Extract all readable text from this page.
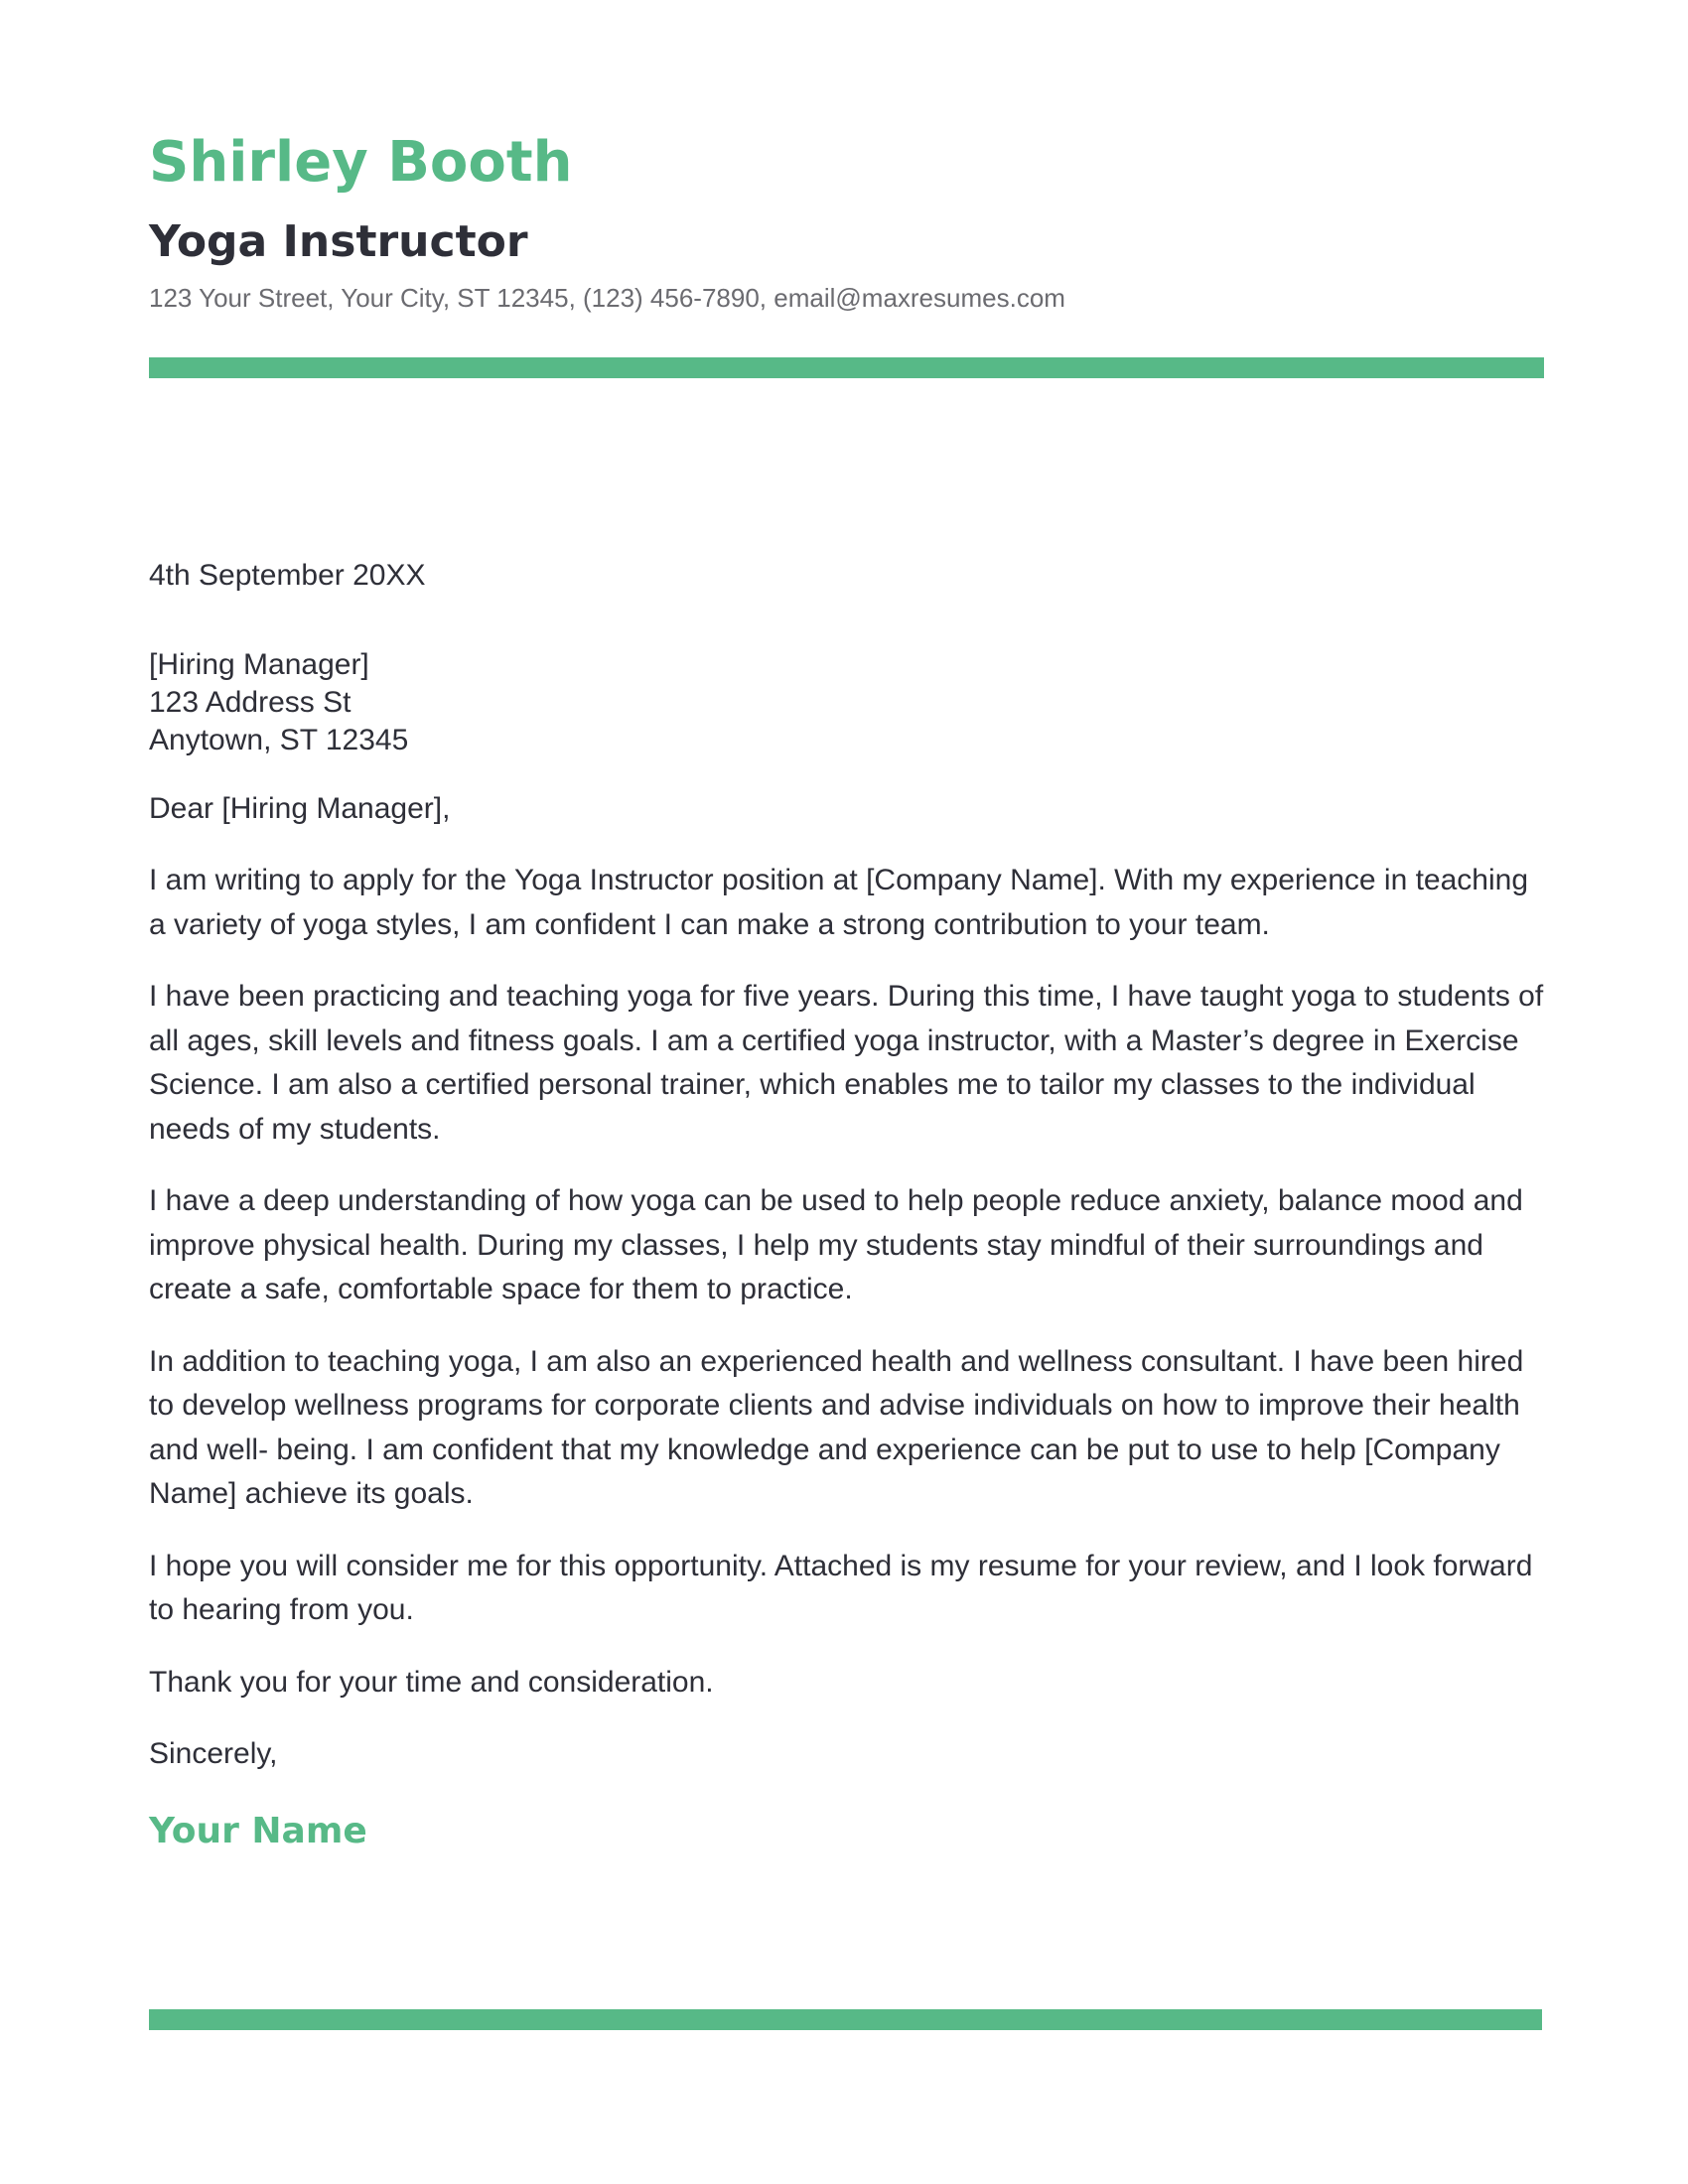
Shirley Booth
Yoga Instructor

123 Your Street, Your City, ST 12345, (123) 456-7890, email@maxresumes.com

4th September 20XX

[Hiring Manager]
123 Address St
Anytown, ST 12345

Dear [Hiring Manager],

I am writing to apply for the Yoga Instructor position at [Company Name]. With my experience in teaching a variety of yoga styles, I am confident I can make a strong contribution to your team.

I have been practicing and teaching yoga for five years. During this time, I have taught yoga to students of all ages, skill levels and fitness goals. I am a certified yoga instructor, with a Master’s degree in Exercise Science. I am also a certified personal trainer, which enables me to tailor my classes to the individual needs of my students.

I have a deep understanding of how yoga can be used to help people reduce anxiety, balance mood and improve physical health. During my classes, I help my students stay mindful of their surroundings and create a safe, comfortable space for them to practice.

In addition to teaching yoga, I am also an experienced health and wellness consultant. I have been hired to develop wellness programs for corporate clients and advise individuals on how to improve their health and well- being. I am confident that my knowledge and experience can be put to use to help [Company Name] achieve its goals.

I hope you will consider me for this opportunity. Attached is my resume for your review, and I look forward to hearing from you.

Thank you for your time and consideration.

Sincerely,

Your Name
